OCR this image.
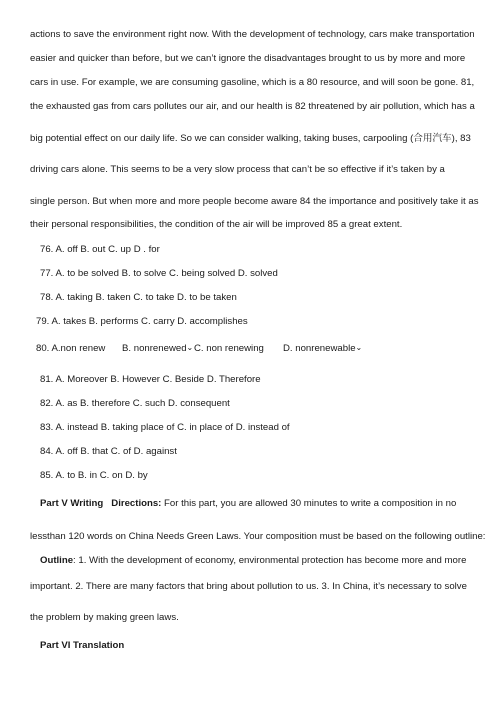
actions to save the environment right now. With the development of technology, cars make transportation
easier and quicker than before, but we can’t ignore the disadvantages brought to us by more and more
cars in use. For example, we are consuming gasoline, which is a 80 resource, and will soon be gone. 81,
the exhausted gas from cars pollutes our air, and our health is 82 threatened by air pollution, which has a
big potential effect on our daily life. So we can consider walking, taking buses, carpooling (合用汽车), 83
driving cars alone. This seems to be a very slow process that can’t be so effective if it’s taken by a
single person. But when more and more people become aware 84 the importance and positively take it as
their personal responsibilities, the condition of the air will be improved 85 a great extent.
76. A. off B. out C. up D . for
77. A. to be solved B. to solve C. being solved D. solved
78. A. taking B. taken C. to take D. to be taken
79. A. takes B. performs C. carry D. accomplishes
80. A.non renew B. nonrenewed⌄ C. non renewing D. nonrenewable⌄
81. A. Moreover B. However C. Beside D. Therefore
82. A. as B. therefore C. such D. consequent
83. A. instead B. taking place of C. in place of D. instead of
84. A. off B. that C. of D. against
85. A. to B. in C. on D. by
Part V Writing Directions: For this part, you are allowed 30 minutes to write a composition in no
lessthan 120 words on China Needs Green Laws. Your composition must be based on the following outline:
Outline: 1. With the development of economy, environmental protection has become more and more
important. 2. There are many factors that bring about pollution to us. 3. In China, it’s necessary to solve
the problem by making green laws.
Part VI Translation
